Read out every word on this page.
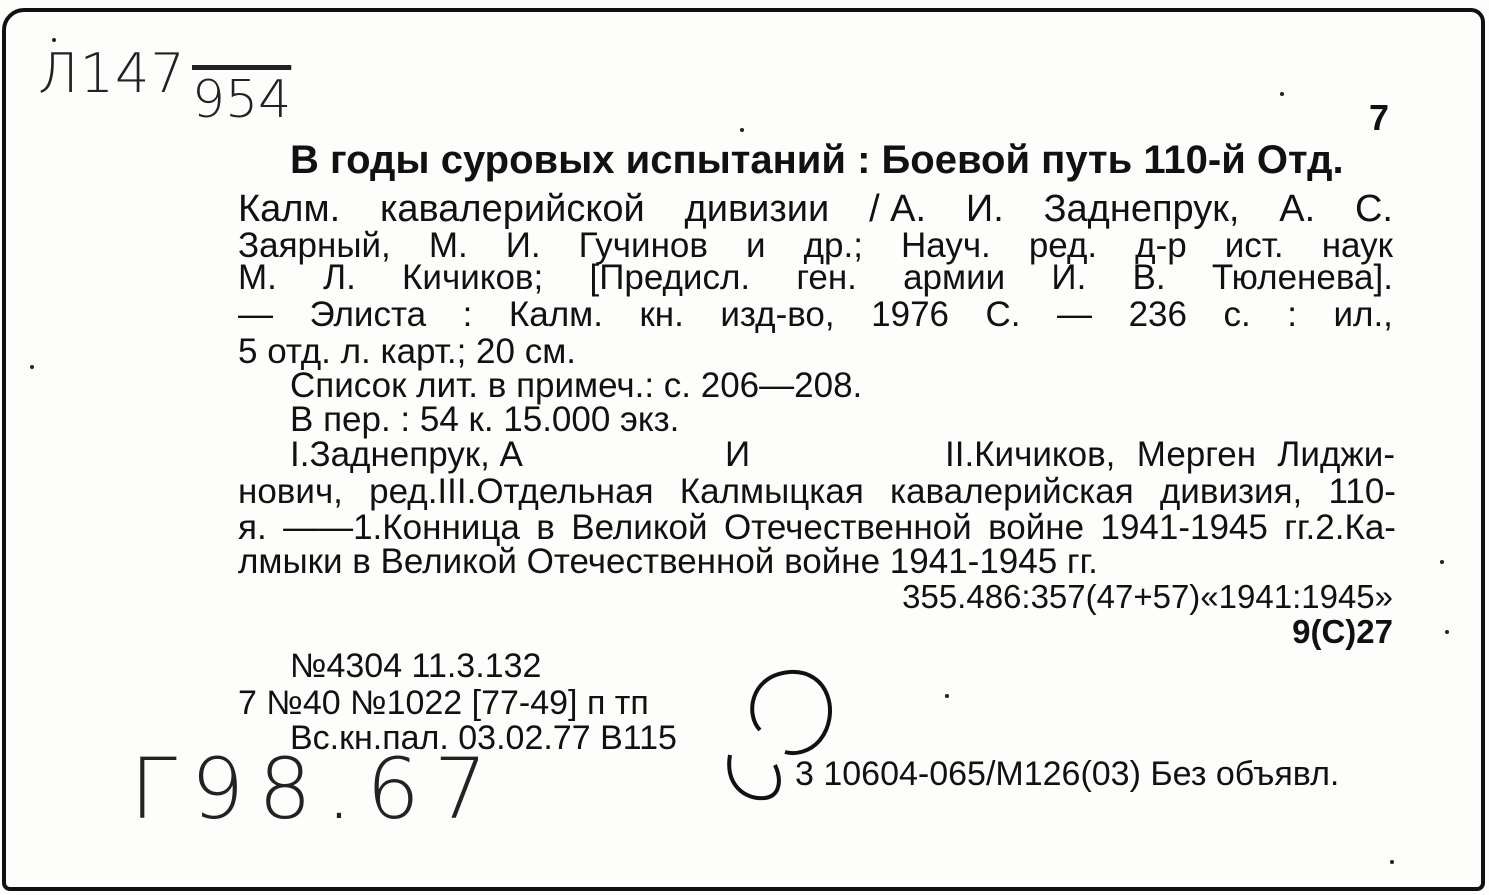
Л147 954
Г98.67
7
В годы суровых испытаний : Боевой путь 110-й Отд.
Калм. кавалерийской дивизии / А. И. Заднепрук, А. С.
Заярный, М. И. Гучинов и др.; Науч. ред. д-р ист. наук
М. Л. Кичиков; [Предисл. ген. армии И. В. Тюленева].
— Элиста : Калм. кн. изд-во, 1976 С. — 236 с. : ил.,
5 отд. л. карт.; 20 см.
Список лит. в примеч.: с. 206—208.
В пер. : 54 к. 15.000 экз.
I.Заднепрук, А	И	II.Кичиков, Мерген Лиджи-
нович, ред.III.Отдельная Калмыцкая кавалерийская дивизия, 110-
я. ——1.Конница в Великой Отечественной войне 1941-1945 гг.2.Ка-
лмыки в Великой Отечественной войне 1941-1945 гг.
355.486:357(47+57)«1941:1945»
9(С)27
№4304 11.3.132
7 №40 №1022 [77-49] п тп
Вс.кн.пал. 03.02.77 В115
3 10604-065/М126(03) Без объявл.
